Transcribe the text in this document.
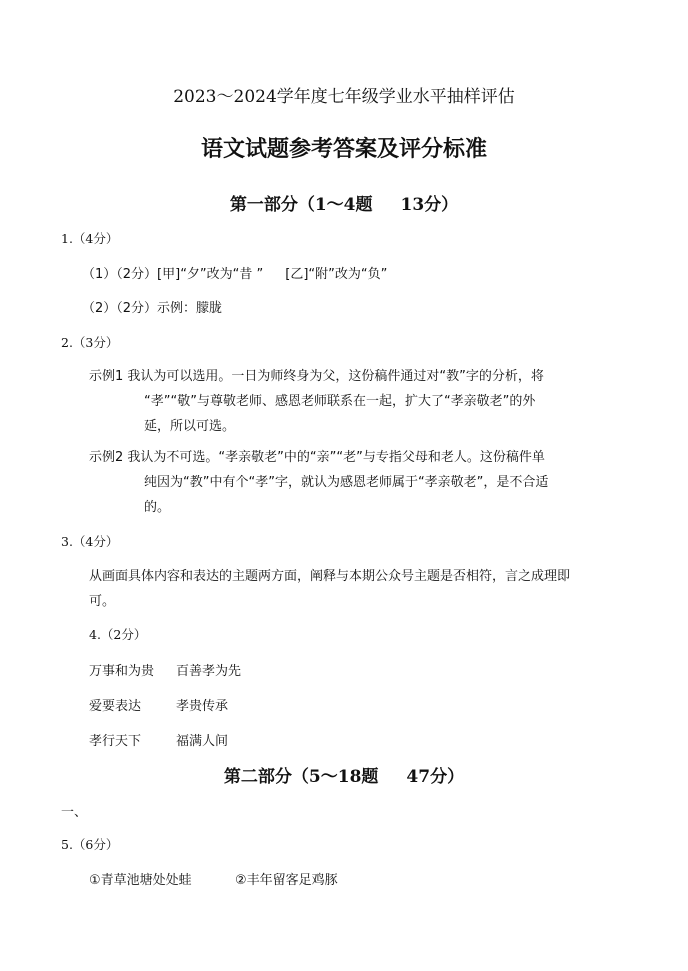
2023～2024学年度七年级学业水平抽样评估
语文试题参考答案及评分标准
第一部分（1～4题 13分）
1.（4分）
（1）（2分）[甲]“夕”改为“昔 ” [乙]“附”改为“负”
（2）（2分）示例：朦胧
2.（3分）
示例1 我认为可以选用。一日为师终身为父，这份稿件通过对“教”字的分析，将
“孝”“敬”与尊敬老师、感恩老师联系在一起，扩大了“孝亲敬老”的外
延，所以可选。
示例2 我认为不可选。“孝亲敬老”中的“亲”“老”与专指父母和老人。这份稿件单
纯因为“教”中有个“孝”字，就认为感恩老师属于“孝亲敬老”，是不合适
的。
3.（4分）
从画面具体内容和表达的主题两方面，阐释与本期公众号主题是否相符，言之成理即
可。
4.（2分）
万事和为贵 百善孝为先
爱要表达	孝贵传承
孝行天下	福满人间
第二部分（5～18题 47分）
一、
5.（6分）
①青草池塘处处蛙	②丰年留客足鸡豚
